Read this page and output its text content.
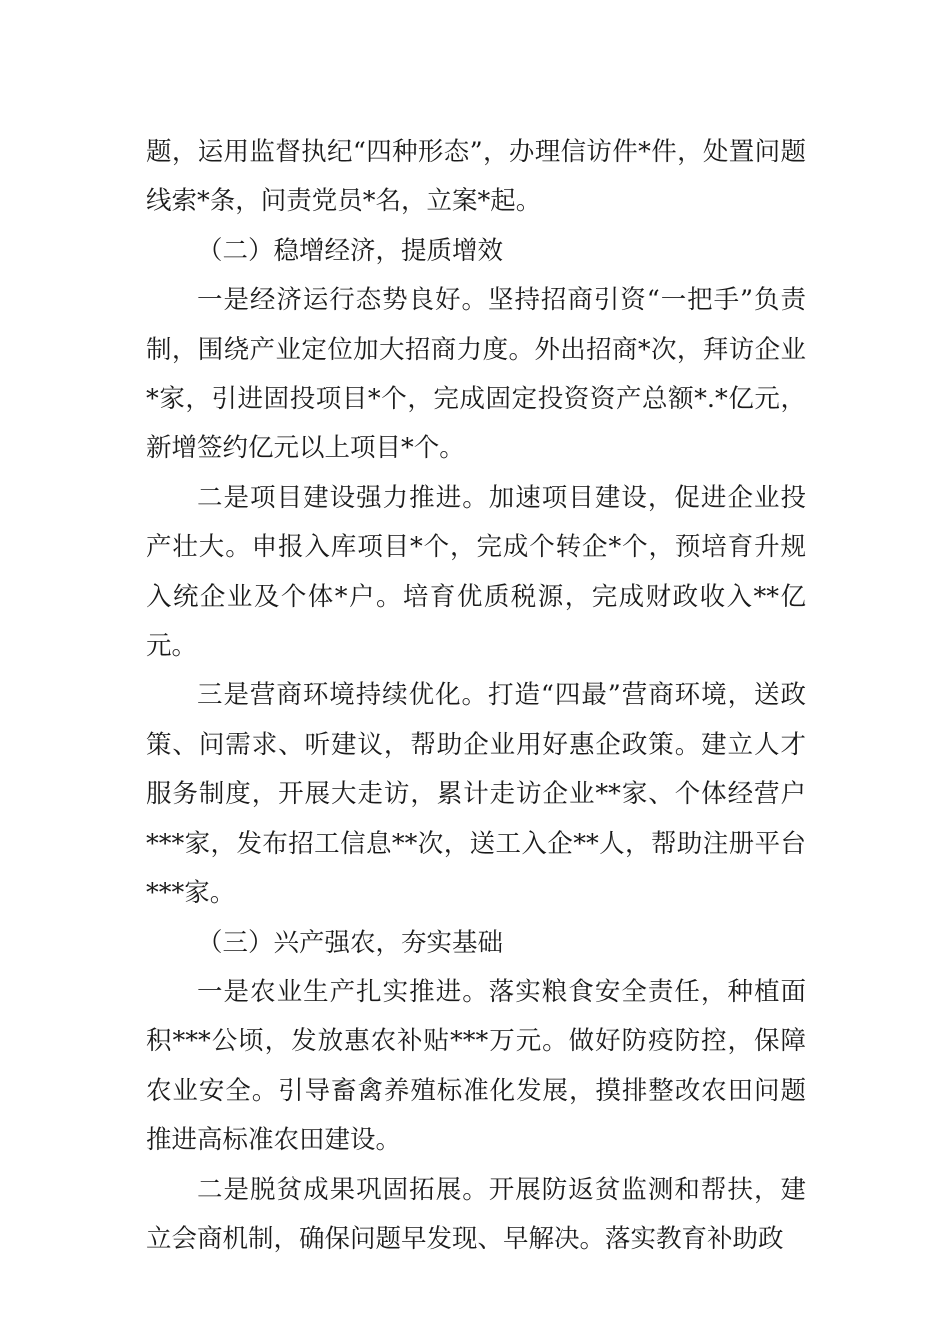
题，运用监督执纪“四种形态”，办理信访件*件，处置问题线索*条，问责党员*名，立案*起。

（二）稳增经济，提质增效

一是经济运行态势良好。坚持招商引资“一把手”负责制，围绕产业定位加大招商力度。外出招商*次，拜访企业*家，引进固投项目*个，完成固定投资资产总额*.*亿元，新增签约亿元以上项目*个。

二是项目建设强力推进。加速项目建设，促进企业投产壮大。申报入库项目*个，完成个转企*个，预培育升规入统企业及个体*户。培育优质税源，完成财政收入**亿元。

三是营商环境持续优化。打造“四最”营商环境，送政策、问需求、听建议，帮助企业用好惠企政策。建立人才服务制度，开展大走访，累计走访企业**家、个体经营户***家，发布招工信息**次，送工入企**人，帮助注册平台***家。

（三）兴产强农，夯实基础

一是农业生产扎实推进。落实粮食安全责任，种植面积***公顷，发放惠农补贴***万元。做好防疫防控，保障农业安全。引导畜禽养殖标准化发展，摸排整改农田问题推进高标准农田建设。

二是脱贫成果巩固拓展。开展防返贫监测和帮扶，建立会商机制，确保问题早发现、早解决。落实教育补助政
